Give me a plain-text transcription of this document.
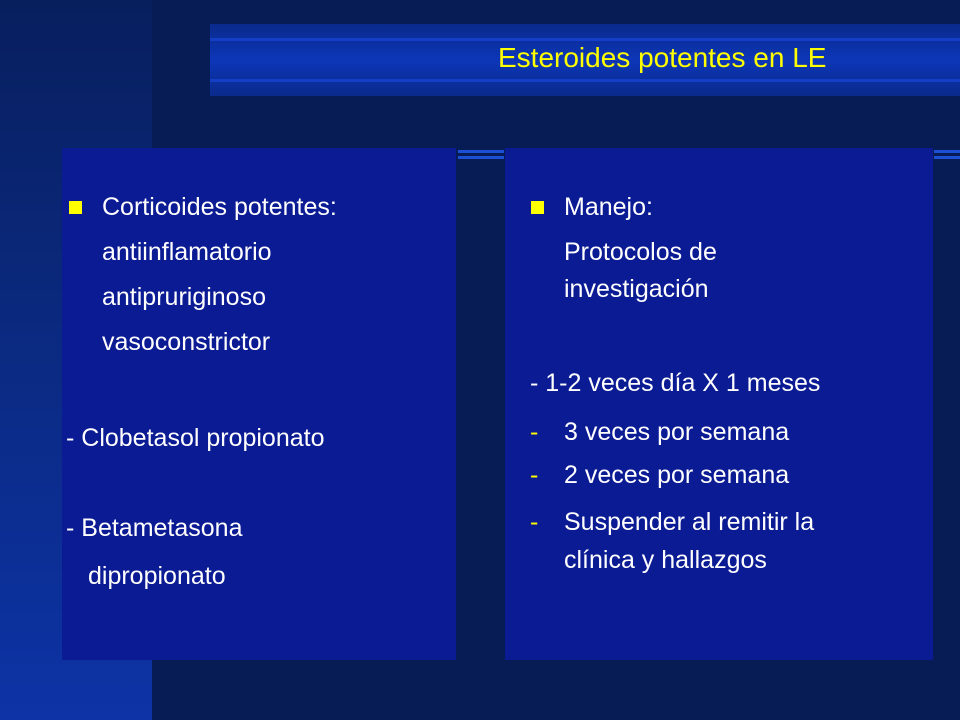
Esteroides potentes en LE

Corticoides potentes:

antiinflamatorio

antipruriginoso

vasoconstrictor

- Clobetasol propionato

- Betametasona

dipropionato

Manejo:

Protocolos de

investigación

- 1-2 veces día X 1 meses

- 3 veces por semana

- 2 veces por semana

- Suspender al remitir la

clínica y hallazgos
